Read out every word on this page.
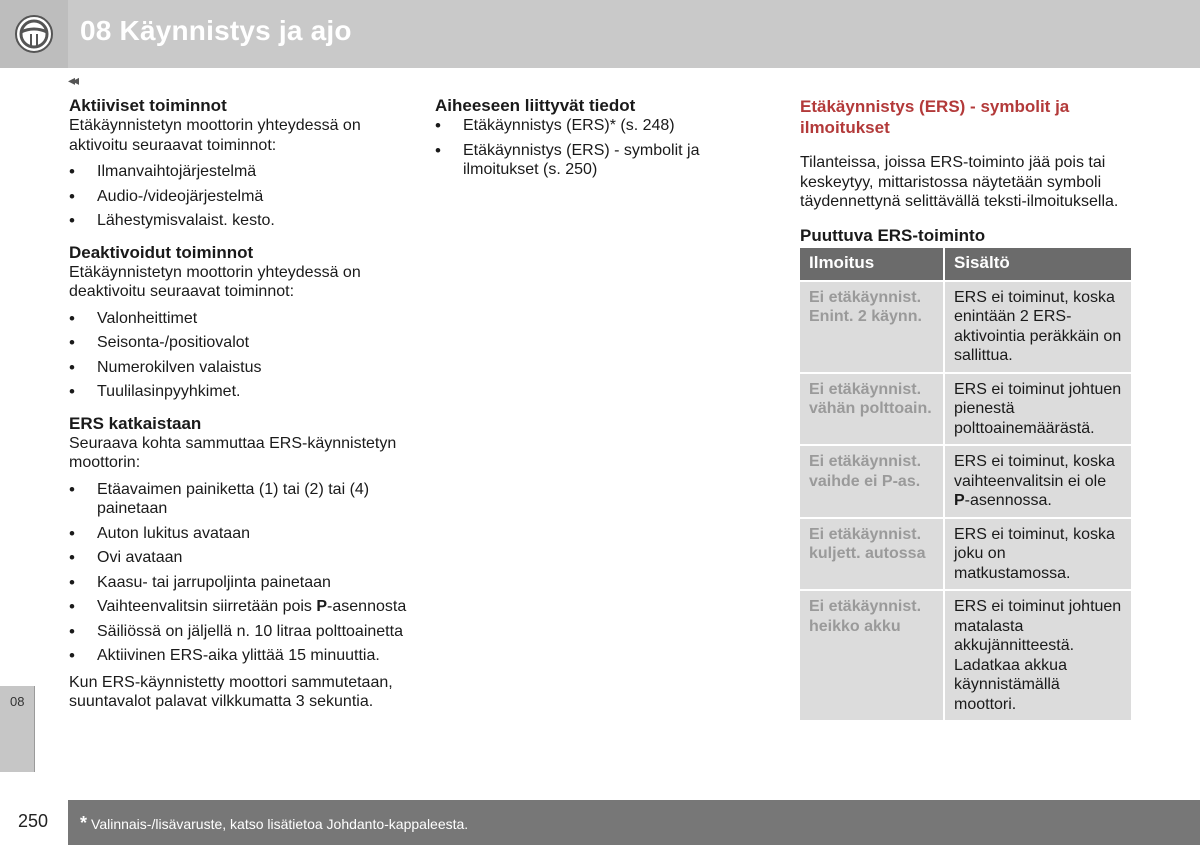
08 Käynnistys ja ajo
08
◂◂
Aktiiviset toiminnot

Etäkäynnistetyn moottorin yhteydessä on aktivoitu seuraavat toiminnot:

• Ilmanvaihtojärjestelmä
• Audio-/videojärjestelmä
• Lähestymisvalaist. kesto.
Deaktivoidut toiminnot

Etäkäynnistetyn moottorin yhteydessä on deaktivoitu seuraavat toiminnot:

• Valonheittimet
• Seisonta-/positiovalot
• Numerokilven valaistus
• Tuulilasinpyyhkimet.
ERS katkaistaan

Seuraava kohta sammuttaa ERS-käynnistetyn moottorin:

• Etäavaimen painiketta (1) tai (2) tai (4) painetaan
• Auton lukitus avataan
• Ovi avataan
• Kaasu- tai jarrupoljinta painetaan
• Vaihteenvalitsin siirretään pois P-asennosta
• Säiliössä on jäljellä n. 10 litraa polttoainetta
• Aktiivinen ERS-aika ylittää 15 minuuttia.

Kun ERS-käynnistetty moottori sammutetaan, suuntavalot palavat vilkkumatta 3 sekuntia.

Aiheeseen liittyvät tiedot
• Etäkäynnistys (ERS)* (s. 248)
• Etäkäynnistys (ERS) - symbolit ja ilmoitukset (s. 250)
Etäkäynnistys (ERS) - symbolit ja ilmoitukset

Tilanteissa, joissa ERS-toiminto jää pois tai keskeytyy, mittaristossa näytetään symboli täydennettynä selittävällä teksti-ilmoituksella.

Puuttuva ERS-toiminto
Ilmoitus	Sisältö
Ei etäkäynnist. Enint. 2 käynn.	ERS ei toiminut, koska enintään 2 ERS-aktivointia peräkkäin on sallittua.
Ei etäkäynnist. vähän polttoain.	ERS ei toiminut johtuen pienestä polttoainemäärästä.
Ei etäkäynnist. vaihde ei P-as.	ERS ei toiminut, koska vaihteenvalitsin ei ole P-asennossa.
Ei etäkäynnist. kuljett. autossa	ERS ei toiminut, koska joku on matkustamossa.
Ei etäkäynnist. heikko akku	ERS ei toiminut johtuen matalasta akkujännitteestä. Ladatkaa akkua käynnistämällä moottori.
250 * Valinnais-/lisävaruste, katso lisätietoa Johdanto-kappaleesta.
